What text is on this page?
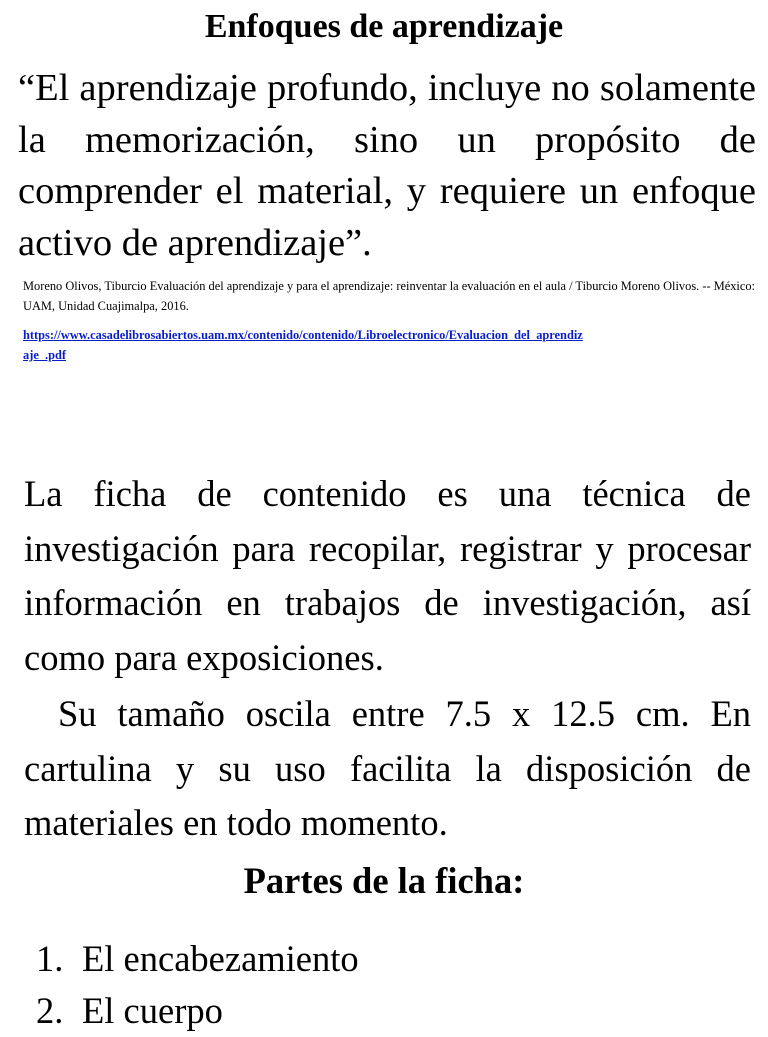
Enfoques de aprendizaje

“El aprendizaje profundo, incluye no solamente la memorización, sino un propósito de comprender el material, y requiere un enfoque activo de aprendizaje”.

Moreno Olivos, Tiburcio Evaluación del aprendizaje y para el aprendizaje: reinventar la evaluación en el aula / Tiburcio Moreno Olivos. -- México: UAM, Unidad Cuajimalpa, 2016.

https://www.casadelibrosabiertos.uam.mx/contenido/contenido/Libroelectronico/Evaluacion_del_aprendizaje_.pdf

La ficha de contenido es una técnica de investigación para recopilar, registrar y procesar información en trabajos de investigación, así como para exposiciones.

Su tamaño oscila entre 7.5 x 12.5 cm. En cartulina y su uso facilita la disposición de materiales en todo momento.

Partes de la ficha:
1. El encabezamiento
2. El cuerpo
